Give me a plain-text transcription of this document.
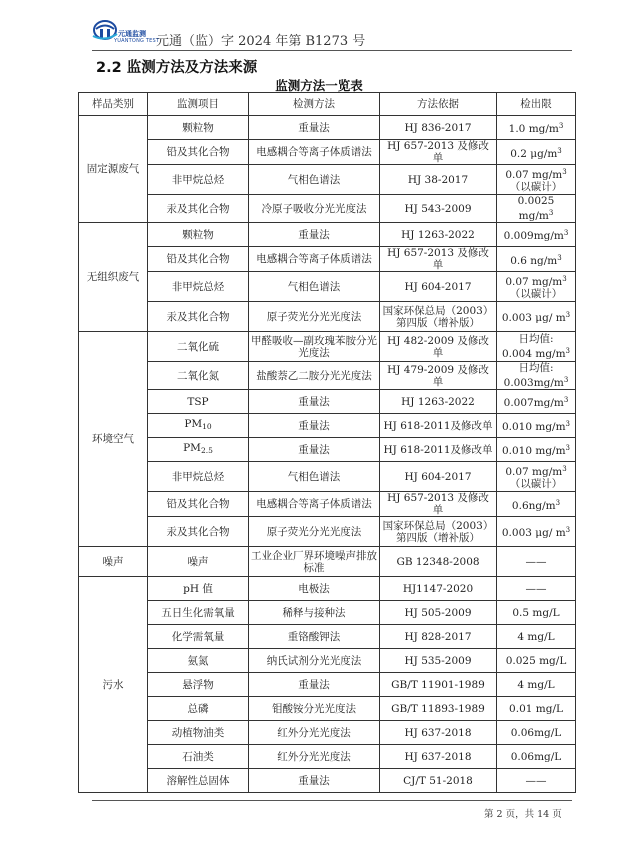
元通监测
YUANTONG TEST
元通（监）字 2024 年第 B1273 号
2.2 监测方法及方法来源
监测方法一览表
样品类别	监测项目	检测方法	方法依据	检出限
固定源废气	颗粒物	重量法	HJ 836-2017	1.0 $mg/m^3$

	铅及其化合物	电感耦合等离子体质谱法	HJ 657-2013 及修改单	0.2 $\mu g/m^3$

	非甲烷总烃	气相色谱法	HJ 38-2017	0.07 $mg/m^3$
（以碳计）

	汞及其化合物	冷原子吸收分光光度法	HJ 543-2009	0.0025 $mg/m^3$

无组织废气	颗粒物	重量法	HJ 1263-2022	$0.009mg/m^3$

	铅及其化合物	电感耦合等离子体质谱法	HJ 657-2013 及修改单	0.6 $ng/m^3$

	非甲烷总烃	气相色谱法	HJ 604-2017	0.07 $mg/m^3$
（以碳计）

	汞及其化合物	原子荧光分光光度法	国家环保总局（2003）第四版（增补版）	0.003 μg/ $m^3$

环境空气	二氧化硫	甲醛吸收—副玫瑰苯胺分光光度法	HJ 482-2009 及修改单	日均值:
0.004 $mg/m^3$

	二氧化氮	盐酸萘乙二胺分光光度法	HJ 479-2009 及修改单	日均值:
$0.003mg/m^3$

	TSP	重量法	HJ 1263-2022	$0.007mg/m^3$

	$PM_{10}$	重量法	HJ 618-2011及修改单	0.010 $mg/m^3$

	$PM_{2.5}$	重量法	HJ 618-2011及修改单	0.010 $mg/m^3$

	非甲烷总烃	气相色谱法	HJ 604-2017	0.07 $mg/m^3$
（以碳计）

	铅及其化合物	电感耦合等离子体质谱法	HJ 657-2013 及修改单	$0.6ng/m^3$

	汞及其化合物	原子荧光分光光度法	国家环保总局（2003）第四版（增补版）	0.003 μg/ $m^3$

噪声	噪声	工业企业厂界环境噪声排放标准	GB 12348-2008	——

污水	pH 值	电极法	HJ1147-2020	——

	五日生化需氧量	稀释与接种法	HJ 505-2009	0.5 mg/L

	化学需氧量	重铬酸钾法	HJ 828-2017	4 mg/L

	氨氮	纳氏试剂分光光度法	HJ 535-2009	0.025 mg/L

	悬浮物	重量法	GB/T 11901-1989	4 mg/L

	总磷	钼酸铵分光光度法	GB/T 11893-1989	0.01 mg/L

	动植物油类	红外分光光度法	HJ 637-2018	0.06mg/L

	石油类	红外分光光度法	HJ 637-2018	0.06mg/L

	溶解性总固体	重量法	CJ/T 51-2018	——
第 2 页，共 14 页
